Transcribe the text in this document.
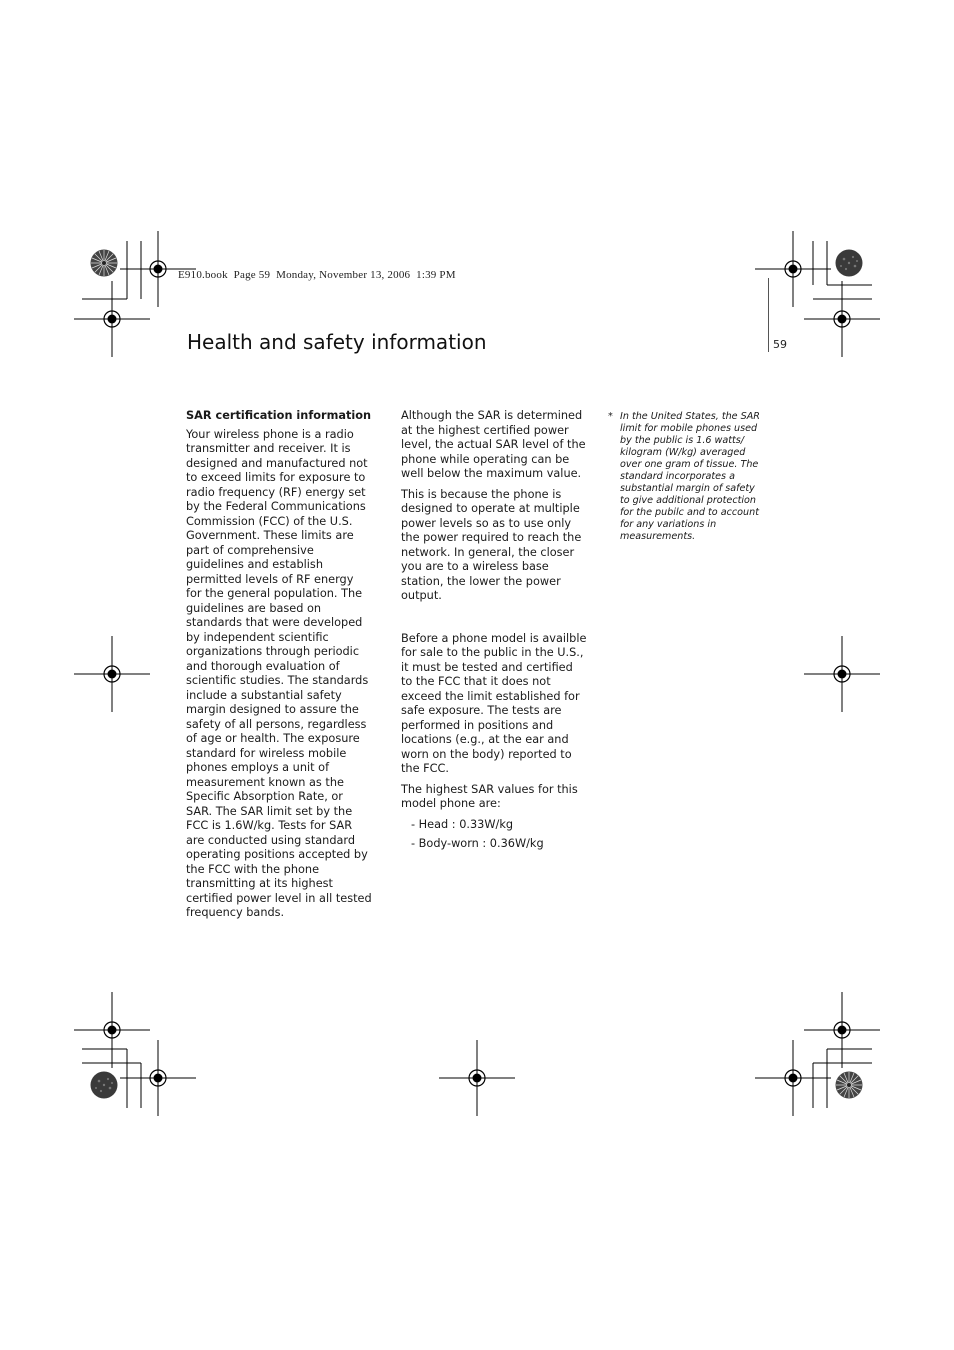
E910.book  Page 59  Monday, November 13, 2006  1:39 PM
59
Health and safety information

SAR certification information

Your wireless phone is a radio transmitter and receiver. It is designed and manufactured not to exceed limits for exposure to radio frequency (RF) energy set by the Federal Communications Commission (FCC) of the U.S. Government. These limits are part of comprehensive guidelines and establish permitted levels of RF energy for the general population. The guidelines are based on standards that were developed by independent scientific organizations through periodic and thorough evaluation of scientific studies. The standards include a substantial safety margin designed to assure the safety of all persons, regardless of age or health. The exposure standard for wireless mobile phones employs a unit of measurement known as the Specific Absorption Rate, or SAR. The SAR limit set by the FCC is 1.6W/kg. Tests for SAR are conducted using standard operating positions accepted by the FCC with the phone transmitting at its highest certified power level in all tested frequency bands.

Although the SAR is determined at the highest certified power level, the actual SAR level of the phone while operating can be well below the maximum value.

This is because the phone is designed to operate at multiple power levels so as to use only the power required to reach the network. In general, the closer you are to a wireless base station, the lower the power output.

Before a phone model is availble for sale to the public in the U.S., it must be tested and certified to the FCC that it does not exceed the limit established for safe exposure. The tests are performed in positions and locations (e.g., at the ear and worn on the body) reported to the FCC.

The highest SAR values for this model phone are:

- Head : 0.33W/kg

- Body-worn : 0.36W/kg

* In the United States, the SAR limit for mobile phones used by the public is 1.6 watts/ kilogram (W/kg) averaged over one gram of tissue. The standard incorporates a substantial margin of safety to give additional protection for the pubilc and to account for any variations in measurements.
